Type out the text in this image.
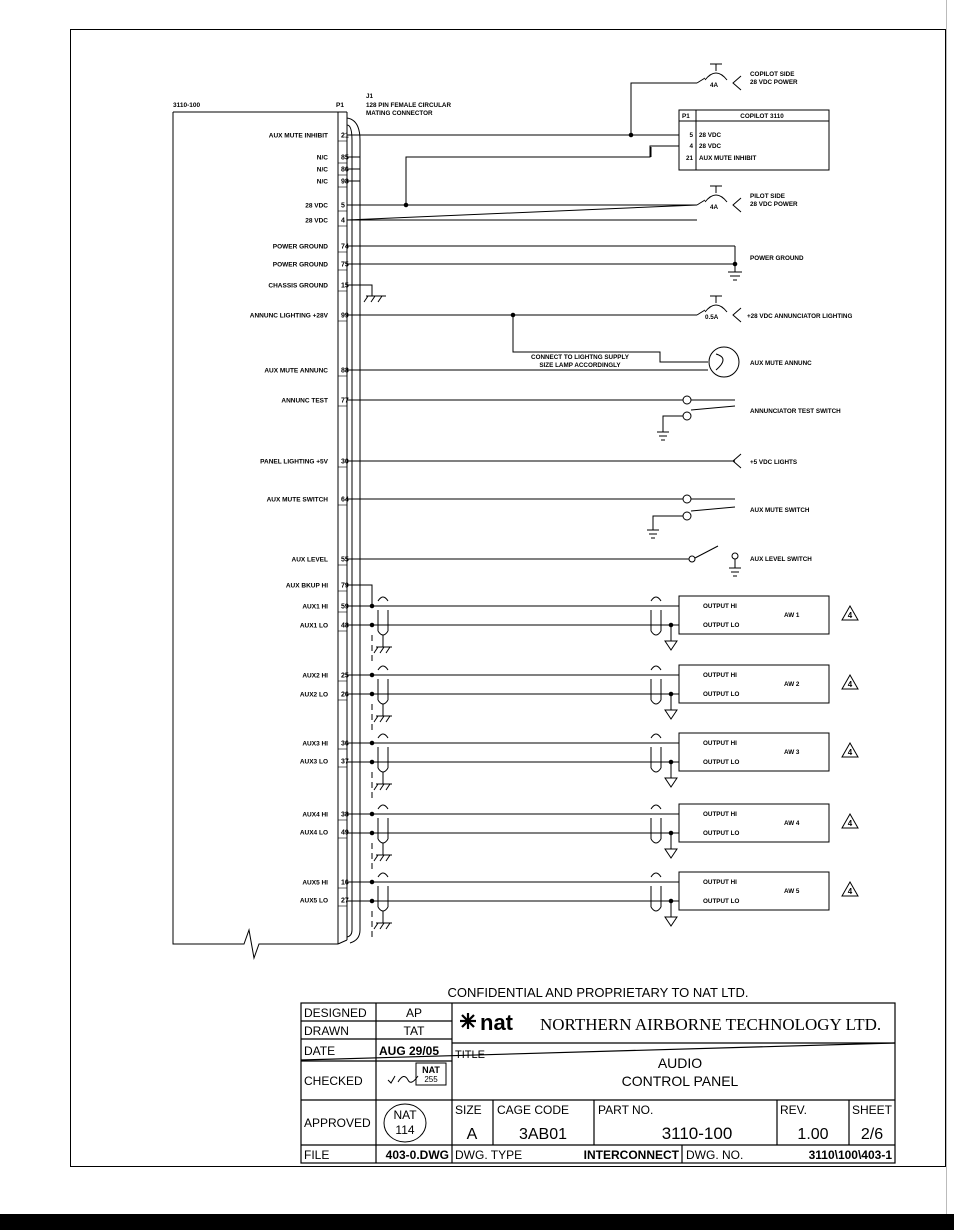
3110-100	P1
J1
128 PIN FEMALE CIRCULAR
MATING CONNECTOR
AUX MUTE INHIBIT 21
N/C 85
N/C 86
N/C 98
28 VDC 5
28 VDC 4
POWER GROUND 74
POWER GROUND 75
CHASSIS GROUND 15
ANNUNC LIGHTING +28V 99
AUX MUTE ANNUNC 88
ANNUNC TEST 77
PANEL LIGHTING +5V 30
AUX MUTE SWITCH 64
AUX LEVEL 55
AUX BKUP HI 79
AUX1 HI 59
AUX1 LO 48
AUX2 HI 25
AUX2 LO 26
AUX3 HI 36
AUX3 LO 37
AUX4 HI 38
AUX4 LO 49
AUX5 HI 16
AUX5 LO 27
OUTPUT HI
OUTPUT LO
AW 1	4
OUTPUT HI
OUTPUT LO
AW 2	4
OUTPUT HI
OUTPUT LO
AW 3	4
OUTPUT HI
OUTPUT LO
AW 4	4
OUTPUT HI
OUTPUT LO
AW 5	4
CONFIDENTIAL AND PROPRIETARY TO NAT LTD.
DESIGNED	AP
DRAWN	TAT
DATE	AUG 29/05
CHECKED
NAT
255
APPROVED
NAT
114
nat NORTHERN AIRBORNE TECHNOLOGY LTD.
TITLE	AUDIO
CONTROL PANEL
SIZE
A
CAGE CODE
3AB01
PART NO.
3110-100
REV.
1.00
SHEET
2/6
FILE	403-0.DWG DWG. TYPE	INTERCONNECT DWG. NO.	3110\100\403-1
COPILOT SIDE
28 VDC POWER
4A
PILOT SIDE
28 VDC POWER
4A
POWER GROUND
0.5A	+28 VDC ANNUNCIATOR LIGHTING
CONNECT TO LIGHTNG SUPPLY
SIZE LAMP ACCORDINGLY	AUX MUTE ANNUNC
ANNUNCIATOR TEST SWITCH
+5 VDC LIGHTS
AUX MUTE SWITCH
AUX LEVEL SWITCH
P1	COPILOT 3110
5 28 VDC
4 28 VDC
21 AUX MUTE INHIBIT
